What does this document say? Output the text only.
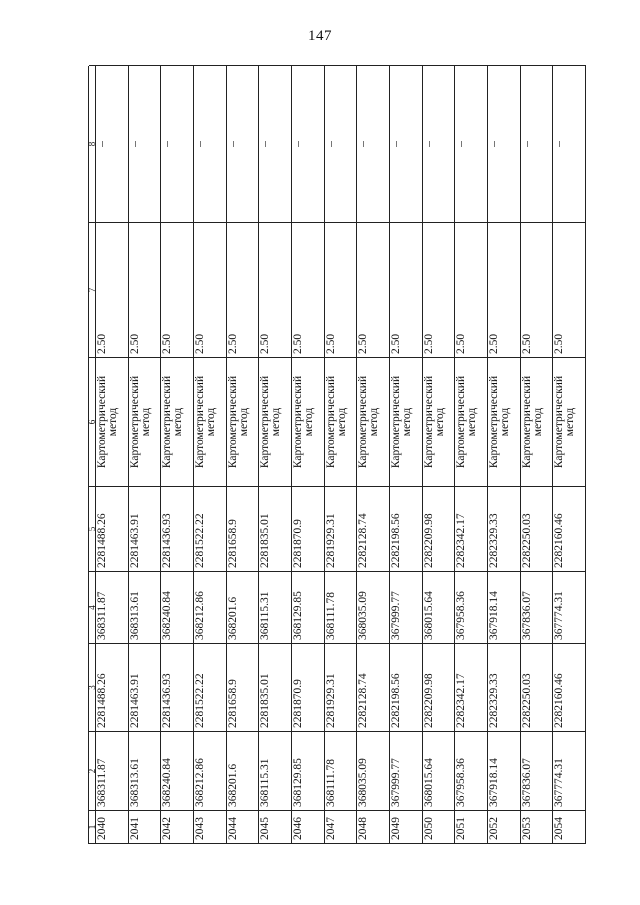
147
1
2
3
4
5
6
7
8
2040
368311.87
2281488.26
368311.87
2281488.26
Картометрический метод
2.50
–
2041
368313.61
2281463.91
368313.61
2281463.91
Картометрический метод
2.50
–
2042
368240.84
2281436.93
368240.84
2281436.93
Картометрический метод
2.50
–
2043
368212.86
2281522.22
368212.86
2281522.22
Картометрический метод
2.50
–
2044
368201.6
2281658.9
368201.6
2281658.9
Картометрический метод
2.50
–
2045
368115.31
2281835.01
368115.31
2281835.01
Картометрический метод
2.50
–
2046
368129.85
2281870.9
368129.85
2281870.9
Картометрический метод
2.50
–
2047
368111.78
2281929.31
368111.78
2281929.31
Картометрический метод
2.50
–
2048
368035.09
2282128.74
368035.09
2282128.74
Картометрический метод
2.50
–
2049
367999.77
2282198.56
367999.77
2282198.56
Картометрический метод
2.50
–
2050
368015.64
2282209.98
368015.64
2282209.98
Картометрический метод
2.50
–
2051
367958.36
2282342.17
367958.36
2282342.17
Картометрический метод
2.50
–
2052
367918.14
2282329.33
367918.14
2282329.33
Картометрический метод
2.50
–
2053
367836.07
2282250.03
367836.07
2282250.03
Картометрический метод
2.50
–
2054
367774.31
2282160.46
367774.31
2282160.46
Картометрический метод
2.50
–
